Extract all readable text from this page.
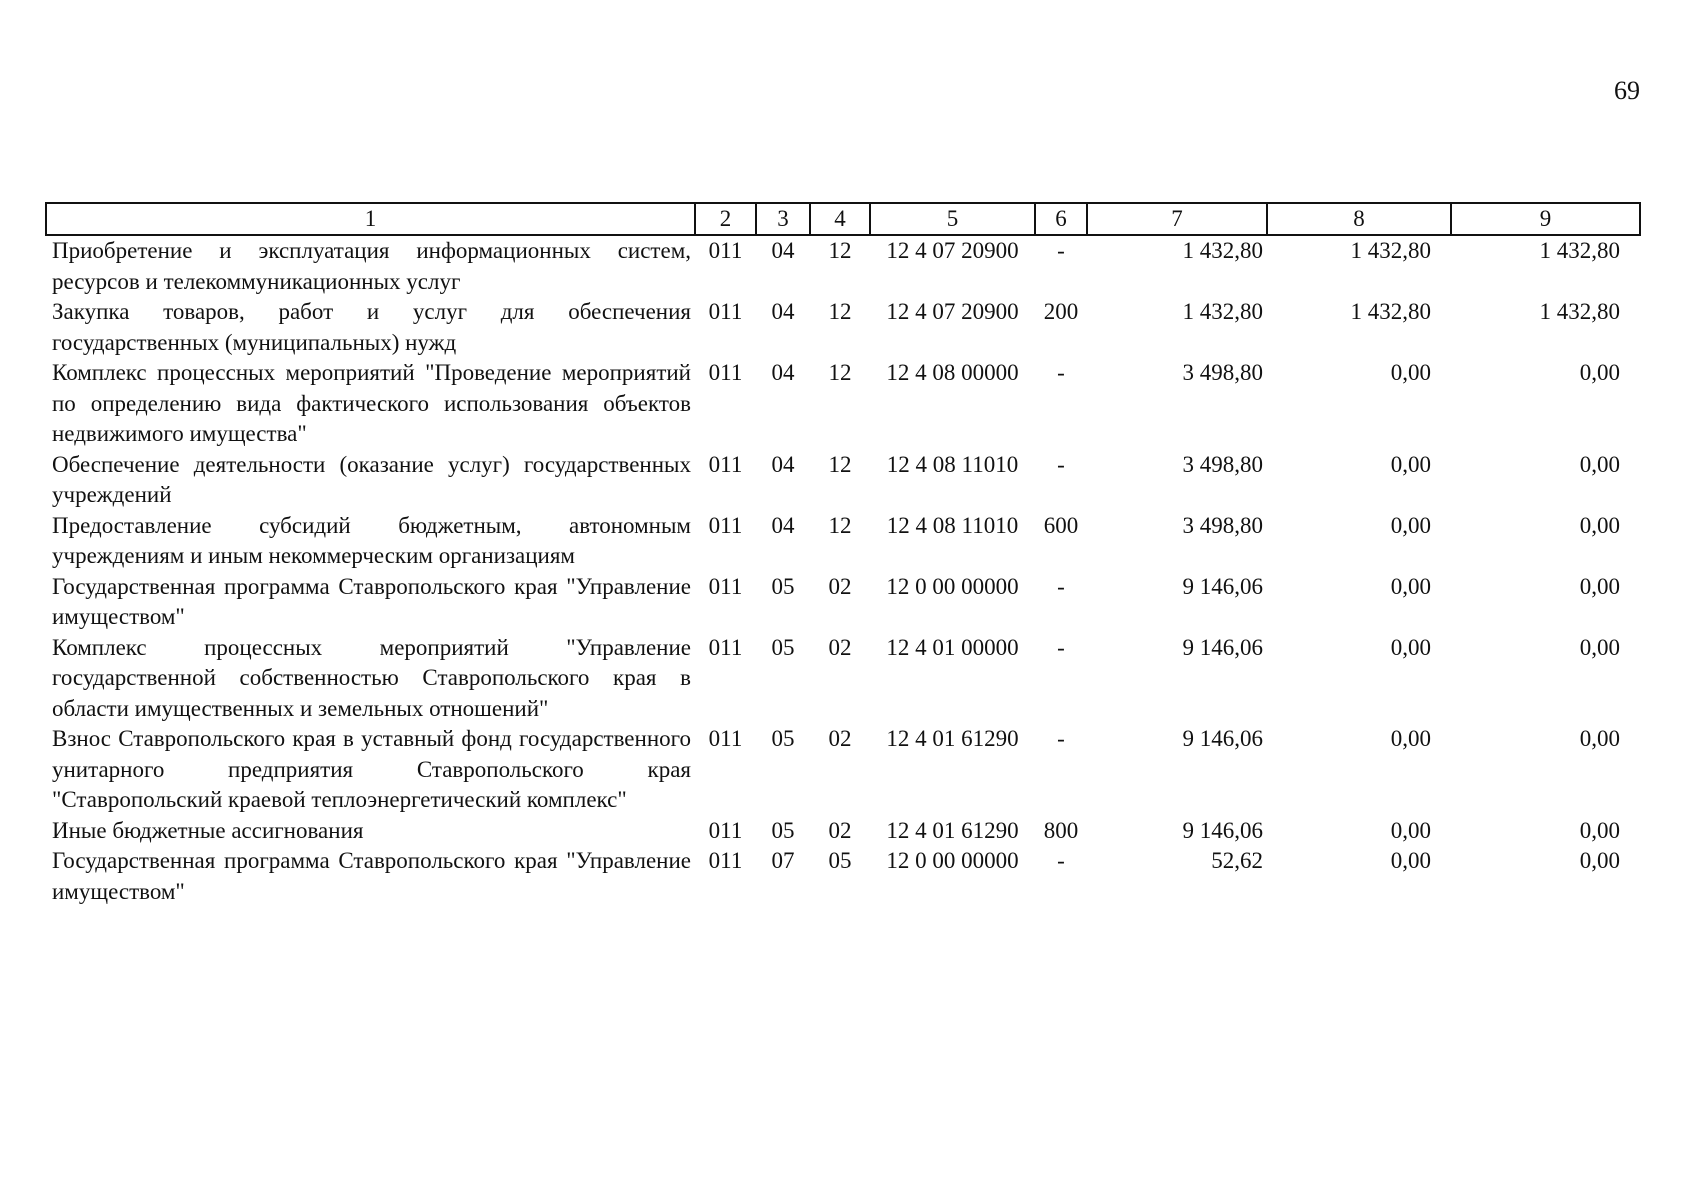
69
1	2	3	4	5	6	7	8	9
Приобретение и эксплуатация информационных систем, ресурсов и телекоммуникационных услуг	011	04	12	12 4 07 20900	-	1 432,80	1 432,80	1 432,80
Закупка товаров, работ и услуг для обеспечения государственных (муниципальных) нужд	011	04	12	12 4 07 20900	200	1 432,80	1 432,80	1 432,80
Комплекс процессных мероприятий "Проведение мероприятий по определению вида фактического использования объектов недвижимого имущества"	011	04	12	12 4 08 00000	-	3 498,80	0,00	0,00
Обеспечение деятельности (оказание услуг) государственных учреждений	011	04	12	12 4 08 11010	-	3 498,80	0,00	0,00
Предоставление субсидий бюджетным, автономным учреждениям и иным некоммерческим организациям	011	04	12	12 4 08 11010	600	3 498,80	0,00	0,00
Государственная программа Ставропольского края "Управление имуществом"	011	05	02	12 0 00 00000	-	9 146,06	0,00	0,00
Комплекс процессных мероприятий "Управление государственной собственностью Ставропольского края в области имущественных и земельных отношений"	011	05	02	12 4 01 00000	-	9 146,06	0,00	0,00
Взнос Ставропольского края в уставный фонд государственного унитарного предприятия Ставропольского края "Ставропольский краевой теплоэнергетический комплекс"	011	05	02	12 4 01 61290	-	9 146,06	0,00	0,00
Иные бюджетные ассигнования	011	05	02	12 4 01 61290	800	9 146,06	0,00	0,00
Государственная программа Ставропольского края "Управление имуществом"	011	07	05	12 0 00 00000	-	52,62	0,00	0,00
